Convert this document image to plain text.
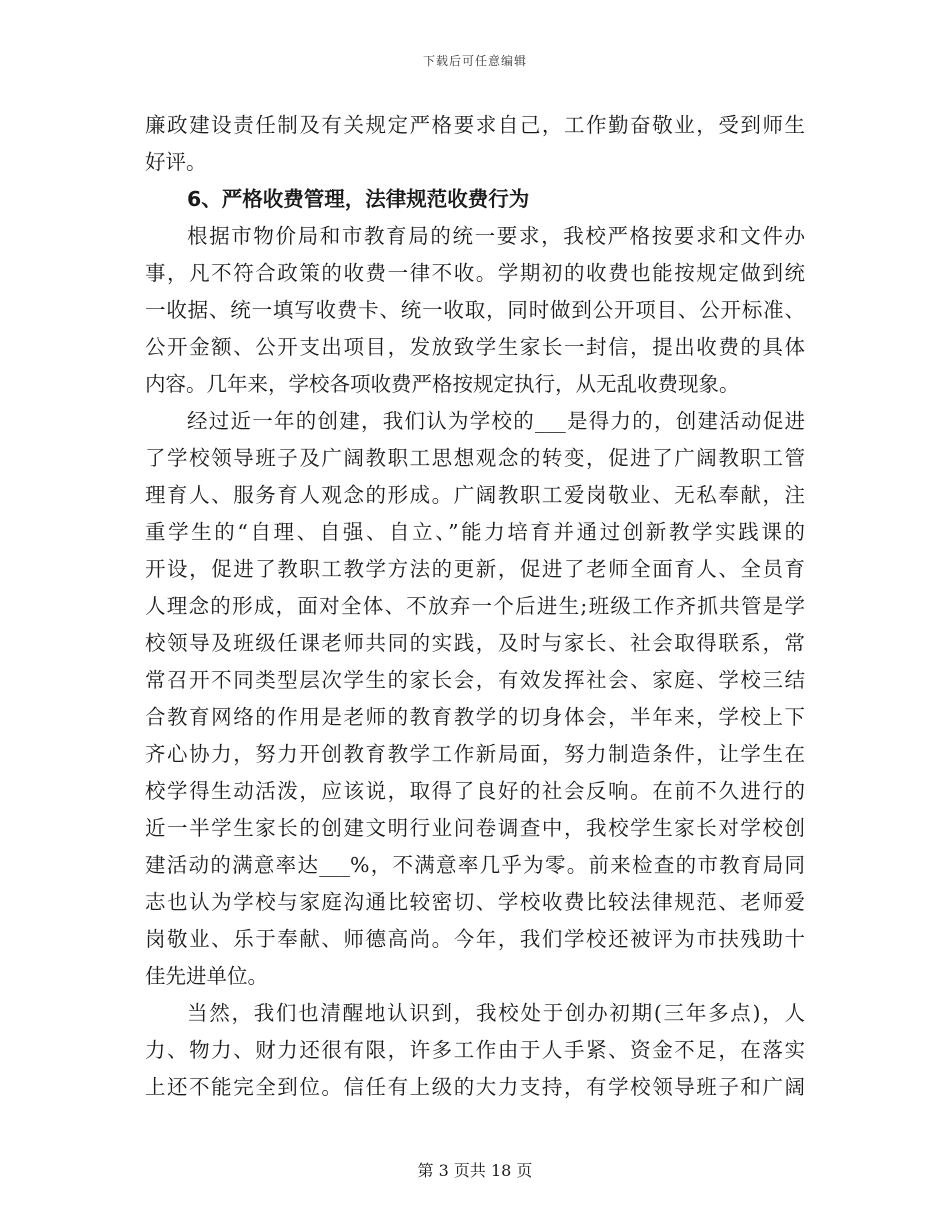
下载后可任意编辑
廉政建设责任制及有关规定严格要求自己，工作勤奋敬业，受到师生
好评。
6、严格收费管理，法律规范收费行为
根据市物价局和市教育局的统一要求，我校严格按要求和文件办
事，凡不符合政策的收费一律不收。学期初的收费也能按规定做到统
一收据、统一填写收费卡、统一收取，同时做到公开项目、公开标准、
公开金额、公开支出项目，发放致学生家长一封信，提出收费的具体
内容。几年来，学校各项收费严格按规定执行，从无乱收费现象。
经过近一年的创建，我们认为学校的___是得力的，创建活动促进
了学校领导班子及广阔教职工思想观念的转变，促进了广阔教职工管
理育人、服务育人观念的形成。广阔教职工爱岗敬业、无私奉献，注
重学生的“自理、自强、自立、”能力培育并通过创新教学实践课的
开设，促进了教职工教学方法的更新，促进了老师全面育人、全员育
人理念的形成，面对全体、不放弃一个后进生;班级工作齐抓共管是学
校领导及班级任课老师共同的实践，及时与家长、社会取得联系，常
常召开不同类型层次学生的家长会，有效发挥社会、家庭、学校三结
合教育网络的作用是老师的教育教学的切身体会，半年来，学校上下
齐心协力，努力开创教育教学工作新局面，努力制造条件，让学生在
校学得生动活泼，应该说，取得了良好的社会反响。在前不久进行的
近一半学生家长的创建文明行业问卷调查中，我校学生家长对学校创
建活动的满意率达___%，不满意率几乎为零。前来检查的市教育局同
志也认为学校与家庭沟通比较密切、学校收费比较法律规范、老师爱
岗敬业、乐于奉献、师德高尚。今年，我们学校还被评为市扶残助十
佳先进单位。
当然，我们也清醒地认识到，我校处于创办初期(三年多点)，人
力、物力、财力还很有限，许多工作由于人手紧、资金不足，在落实
上还不能完全到位。信任有上级的大力支持，有学校领导班子和广阔
第 3 页共 18 页
